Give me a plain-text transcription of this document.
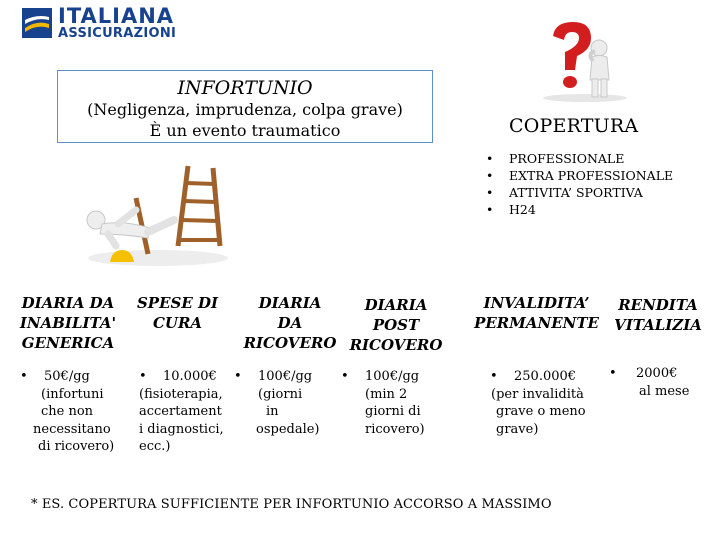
ITALIANA
ASSICURAZIONI
INFORTUNIO
(Negligenza, imprudenza, colpa grave)
È un evento traumatico	COPERTURA
• PROFESSIONALE
• EXTRA PROFESSIONALE
• ATTIVITA’ SPORTIVA
• H24
DIARIA DA
INABILITA'
GENERICA
• 50€/gg
(infortuni
che non
necessitano
di ricovero)
SPESE DI
CURA
• 10.000€
(fisioterapia,
accertament
i diagnostici,
ecc.)
DIARIA
DA
RICOVERO
• 100€/gg
(giorni
in
ospedale)
DIARIA
POST
RICOVERO
• 100€/gg
(min 2
giorni di
ricovero)
INVALIDITA’
PERMANENTE
• 250.000€
(per invalidità
grave o meno
grave)
RENDITA
VITALIZIA
• 2000€
al mese
* ES. COPERTURA SUFFICIENTE PER INFORTUNIO ACCORSO A MASSIMO
